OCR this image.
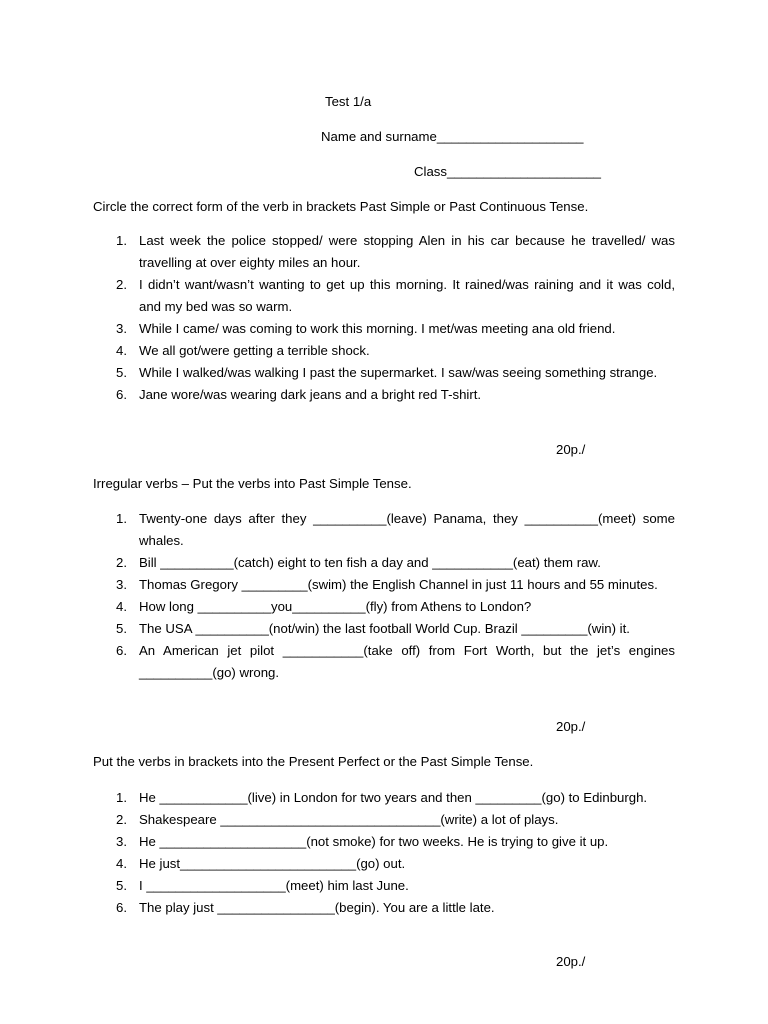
Test 1/a
Name and surname____________________
Class_____________________
Circle the correct form of the verb in brackets Past Simple or Past Continuous Tense.
1. Last week the police stopped/ were stopping Alen in his car because he travelled/ was travelling at over eighty miles an hour.
2. I didn’t want/wasn’t wanting to get up this morning. It rained/was raining and it was cold, and my bed was so warm.
3. While I came/ was coming to work this morning. I met/was meeting ana old friend.
4. We all got/were getting a terrible shock.
5. While I walked/was walking I past the supermarket. I saw/was seeing something strange.
6. Jane wore/was wearing dark jeans and a bright red T-shirt.
20p./
Irregular verbs – Put the verbs into Past Simple Tense.
1. Twenty-one days after they __________(leave) Panama, they __________(meet) some whales.
2. Bill __________(catch) eight to ten fish a day and ___________(eat) them raw.
3. Thomas Gregory _________(swim) the English Channel in just 11 hours and 55 minutes.
4. How long __________you__________(fly) from Athens to London?
5. The USA __________(not/win) the last football World Cup. Brazil _________(win) it.
6. An American jet pilot ___________(take off) from Fort Worth, but the jet’s engines __________(go) wrong.
20p./
Put the verbs in brackets into the Present Perfect or the Past Simple Tense.
1. He ____________(live) in London for two years and then _________(go) to Edinburgh.
2. Shakespeare ______________________________(write) a lot of plays.
3. He ____________________(not smoke) for two weeks. He is trying to give it up.
4. He just________________________(go) out.
5. I ___________________(meet) him last June.
6. The play just ________________(begin). You are a little late.
20p./
